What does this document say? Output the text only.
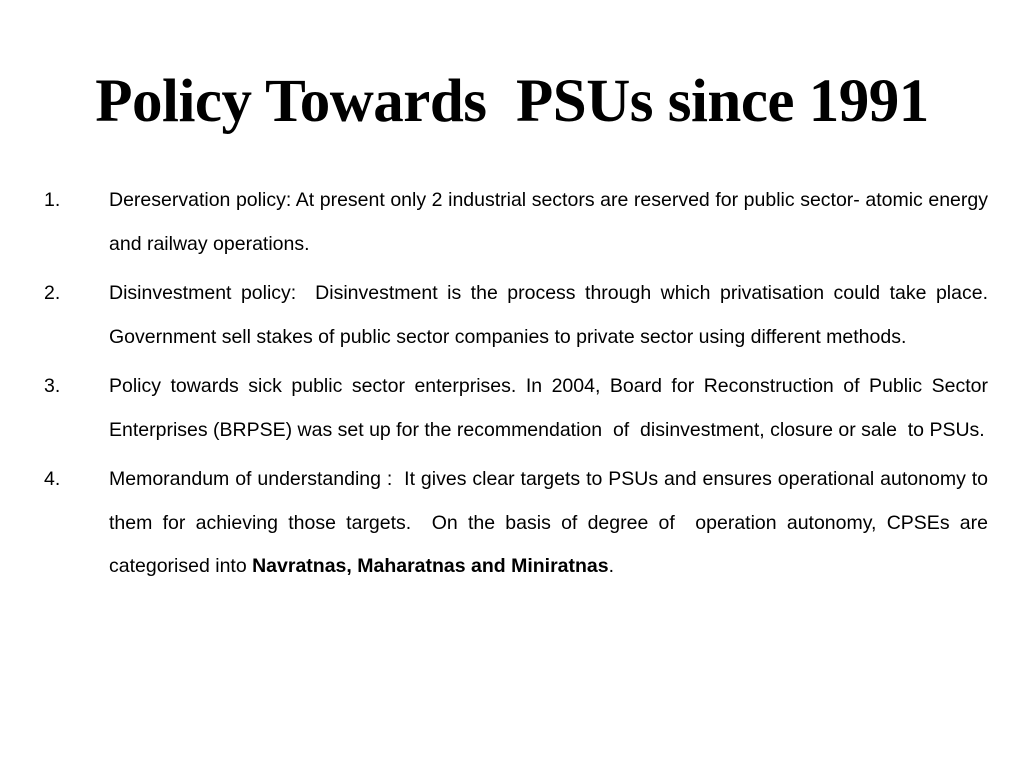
Policy Towards  PSUs since 1991
1. Dereservation policy: At present only 2 industrial sectors are reserved for public sector- atomic energy and railway operations.
2. Disinvestment policy:  Disinvestment is the process through which privatisation could take place. Government sell stakes of public sector companies to private sector using different methods.
3. Policy towards sick public sector enterprises. In 2004, Board for Reconstruction of Public Sector Enterprises (BRPSE) was set up for the recommendation  of  disinvestment, closure or sale  to PSUs.
4. Memorandum of understanding :  It gives clear targets to PSUs and ensures operational autonomy to them for achieving those targets.  On the basis of degree of  operation autonomy, CPSEs are categorised into Navratnas, Maharatnas and Miniratnas.
